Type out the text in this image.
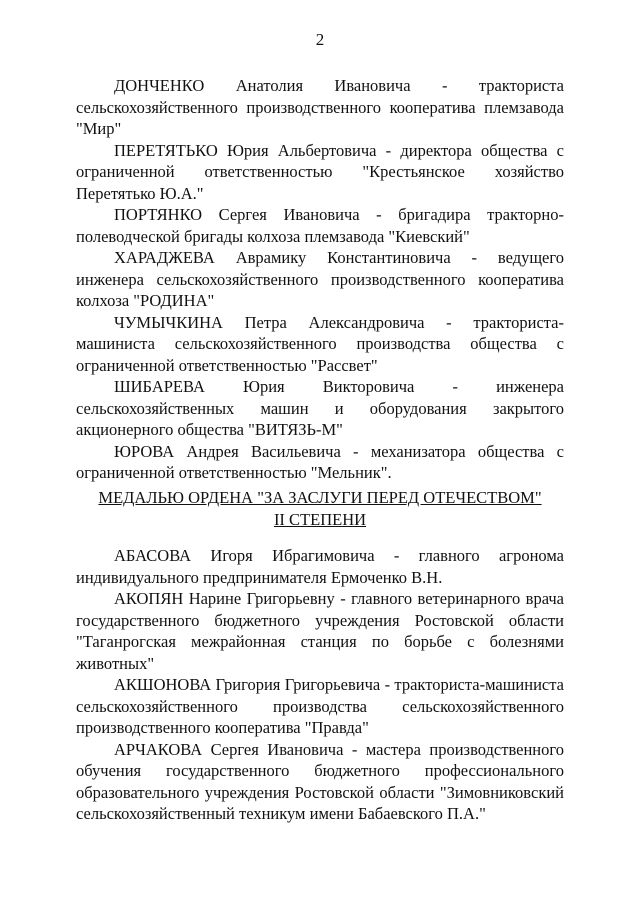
2

ДОНЧЕНКО Анатолия Ивановича - тракториста сельскохозяйственного производственного кооператива племзавода "Мир"

ПЕРЕТЯТЬКО Юрия Альбертовича - директора общества с ограниченной ответственностью "Крестьянское хозяйство Перетятько Ю.А."

ПОРТЯНКО Сергея Ивановича - бригадира тракторно-полеводческой бригады колхоза племзавода "Киевский"

ХАРАДЖЕВА Аврамику Константиновича - ведущего инженера сельскохозяйственного производственного кооператива колхоза "РОДИНА"

ЧУМЫЧКИНА Петра Александровича - тракториста-машиниста сельскохозяйственного производства общества с ограниченной ответственностью "Рассвет"

ШИБАРЕВА Юрия Викторовича - инженера сельскохозяйственных машин и оборудования закрытого акционерного общества "ВИТЯЗЬ-М"

ЮРОВА Андрея Васильевича - механизатора общества с ограниченной ответственностью "Мельник".

МЕДАЛЬЮ ОРДЕНА "ЗА ЗАСЛУГИ ПЕРЕД ОТЕЧЕСТВОМ"
II СТЕПЕНИ

АБАСОВА Игоря Ибрагимовича - главного агронома индивидуального предпринимателя Ермоченко В.Н.

АКОПЯН Нарине Григорьевну - главного ветеринарного врача государственного бюджетного учреждения Ростовской области "Таганрогская межрайонная станция по борьбе с болезнями животных"

АКШОНОВА Григория Григорьевича - тракториста-машиниста сельскохозяйственного производства сельскохозяйственного производственного кооператива "Правда"

АРЧАКОВА Сергея Ивановича - мастера производственного обучения государственного бюджетного профессионального образовательного учреждения Ростовской области "Зимовниковский сельскохозяйственный техникум имени Бабаевского П.А."
